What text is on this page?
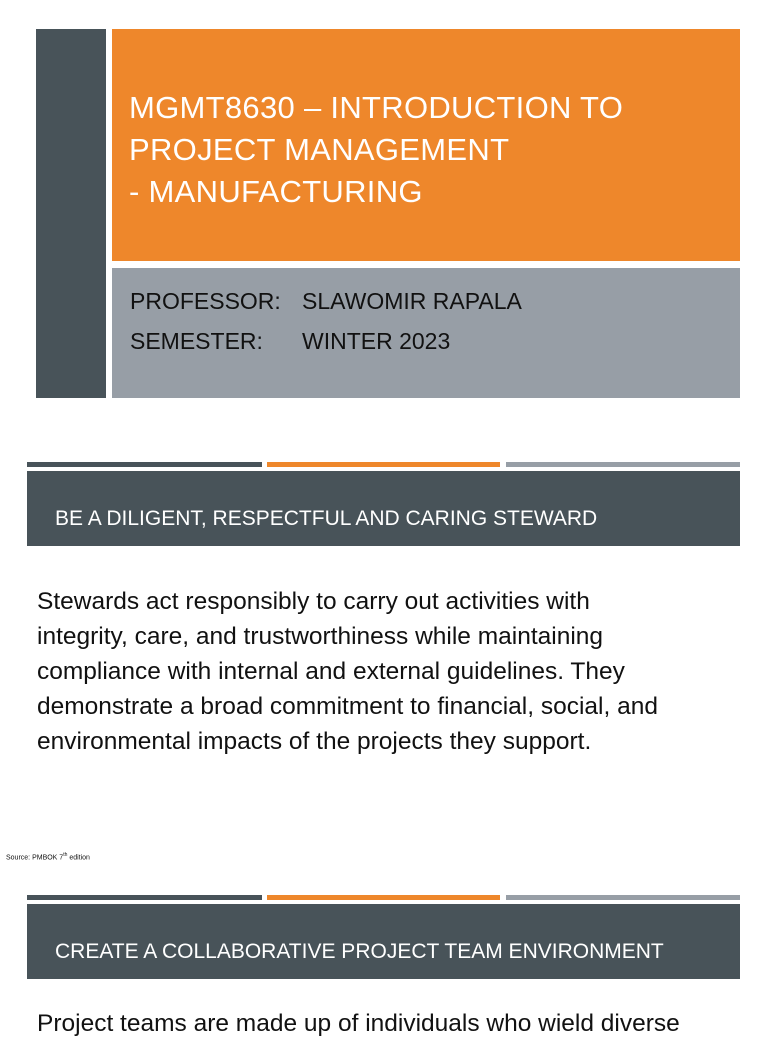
MGMT8630 – INTRODUCTION TO
PROJECT MANAGEMENT
- MANUFACTURING
PROFESSOR: SLAWOMIR RAPALA
SEMESTER: WINTER 2023
BE A DILIGENT, RESPECTFUL AND CARING STEWARD
Stewards act responsibly to carry out activities with
integrity, care, and trustworthiness while maintaining
compliance with internal and external guidelines. They
demonstrate a broad commitment to financial, social, and
environmental impacts of the projects they support.
Source: PMBOK 7th edition
CREATE A COLLABORATIVE PROJECT TEAM ENVIRONMENT
Project teams are made up of individuals who wield diverse
